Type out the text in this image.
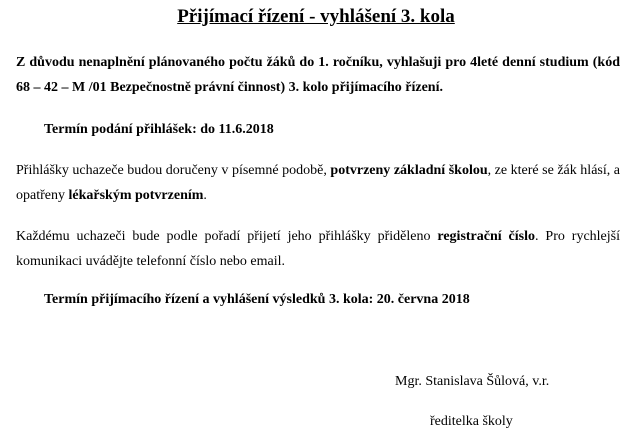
Přijímací řízení - vyhlášení 3. kola
Z důvodu nenaplnění plánovaného počtu žáků do 1. ročníku, vyhlašuji pro 4leté denní studium (kód 68 – 42 – M /01 Bezpečnostně právní činnost) 3. kolo přijímacího řízení.
Termín podání přihlášek: do 11.6.2018
Přihlášky uchazeče budou doručeny v písemné podobě, potvrzeny základní školou, ze které se žák hlásí, a opatřeny lékařským potvrzením.
Každému uchazeči bude podle pořadí přijetí jeho přihlášky přiděleno registrační číslo. Pro rychlejší komunikaci uvádějte telefonní číslo nebo email.
Termín přijímacího řízení a vyhlášení výsledků 3. kola: 20. června 2018
Mgr. Stanislava Šůlová, v.r.
ředitelka školy
